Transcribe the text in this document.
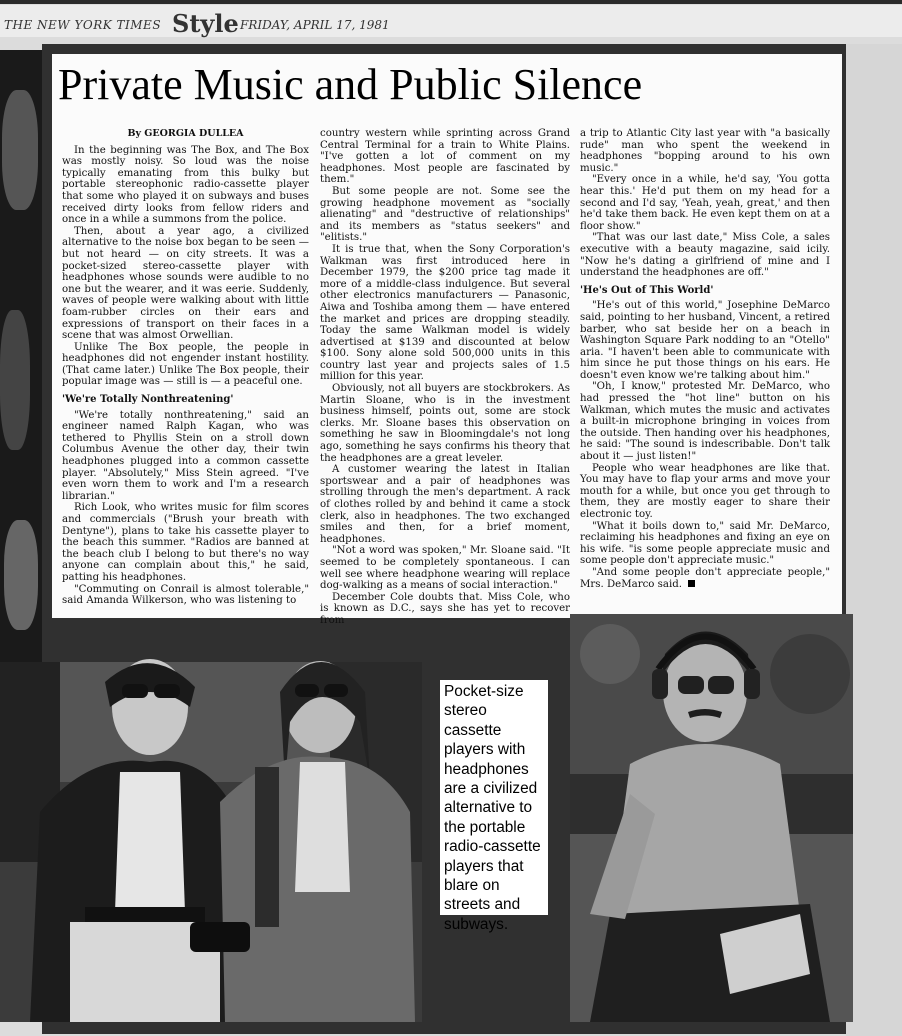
THE NEW YORK TIMES Style FRIDAY, APRIL 17, 1981
Private Music and Public Silence

By GEORGIA DULLEA

In the beginning was The Box, and The Box was mostly noisy. So loud was the noise typically emanating from this bulky but portable stereophonic radio-cassette player that some who played it on subways and buses received dirty looks from fellow riders and once in a while a summons from the police.

Then, about a year ago, a civilized alternative to the noise box began to be seen — but not heard — on city streets. It was a pocket-sized stereo-cassette player with headphones whose sounds were audible to no one but the wearer, and it was eerie. Suddenly, waves of people were walking about with little foam-rubber circles on their ears and expressions of transport on their faces in a scene that was almost Orwellian.

Unlike The Box people, the people in headphones did not engender instant hostility. (That came later.) Unlike The Box people, their popular image was — still is — a peaceful one.

'We're Totally Nonthreatening'

"We're totally nonthreatening," said an engineer named Ralph Kagan, who was tethered to Phyllis Stein on a stroll down Columbus Avenue the other day, their twin headphones plugged into a common cassette player. "Absolutely," Miss Stein agreed. "I've even worn them to work and I'm a research librarian."

Rich Look, who writes music for film scores and commercials ("Brush your breath with Dentyne"), plans to take his cassette player to the beach this summer. "Radios are banned at the beach club I belong to but there's no way anyone can complain about this," he said, patting his headphones.

"Commuting on Conrail is almost tolerable," said Amanda Wilkerson, who was listening to

country western while sprinting across Grand Central Terminal for a train to White Plains. "I've gotten a lot of comment on my headphones. Most people are fascinated by them."

But some people are not. Some see the growing headphone movement as "socially alienating" and "destructive of relationships" and its members as "status seekers" and "elitists."

It is true that, when the Sony Corporation's Walkman was first introduced here in December 1979, the $200 price tag made it more of a middle-class indulgence. But several other electronics manufacturers — Panasonic, Aiwa and Toshiba among them — have entered the market and prices are dropping steadily. Today the same Walkman model is widely advertised at $139 and discounted at below $100. Sony alone sold 500,000 units in this country last year and projects sales of 1.5 million for this year.

Obviously, not all buyers are stockbrokers. As Martin Sloane, who is in the investment business himself, points out, some are stock clerks. Mr. Sloane bases this observation on something he saw in Bloomingdale's not long ago, something he says confirms his theory that the headphones are a great leveler.

A customer wearing the latest in Italian sportswear and a pair of headphones was strolling through the men's department. A rack of clothes rolled by and behind it came a stock clerk, also in headphones. The two exchanged smiles and then, for a brief moment, headphones.

"Not a word was spoken," Mr. Sloane said. "It seemed to be completely spontaneous. I can well see where headphone wearing will replace dog-walking as a means of social interaction."

December Cole doubts that. Miss Cole, who is known as D.C., says she has yet to recover from

a trip to Atlantic City last year with "a basically rude" man who spent the weekend in headphones "bopping around to his own music."

"Every once in a while, he'd say, 'You gotta hear this.' He'd put them on my head for a second and I'd say, 'Yeah, yeah, great,' and then he'd take them back. He even kept them on at a floor show."

"That was our last date," Miss Cole, a sales executive with a beauty magazine, said icily. "Now he's dating a girlfriend of mine and I understand the headphones are off."

'He's Out of This World'

"He's out of this world," Josephine DeMarco said, pointing to her husband, Vincent, a retired barber, who sat beside her on a beach in Washington Square Park nodding to an "Otello" aria. "I haven't been able to communicate with him since he put those things on his ears. He doesn't even know we're talking about him."

"Oh, I know," protested Mr. DeMarco, who had pressed the "hot line" button on his Walkman, which mutes the music and activates a built-in microphone bringing in voices from the outside. Then handing over his headphones, he said: "The sound is indescribable. Don't talk about it — just listen!"

People who wear headphones are like that. You may have to flap your arms and move your mouth for a while, but once you get through to them, they are mostly eager to share their electronic toy.

"What it boils down to," said Mr. DeMarco, reclaiming his headphones and fixing an eye on his wife. "is some people appreciate music and some people don't appreciate music."

"And some people don't appreciate people," Mrs. DeMarco said.

Pocket-size stereo cassette players with headphones are a civilized alternative to the portable radio-cassette players that blare on streets and subways.
